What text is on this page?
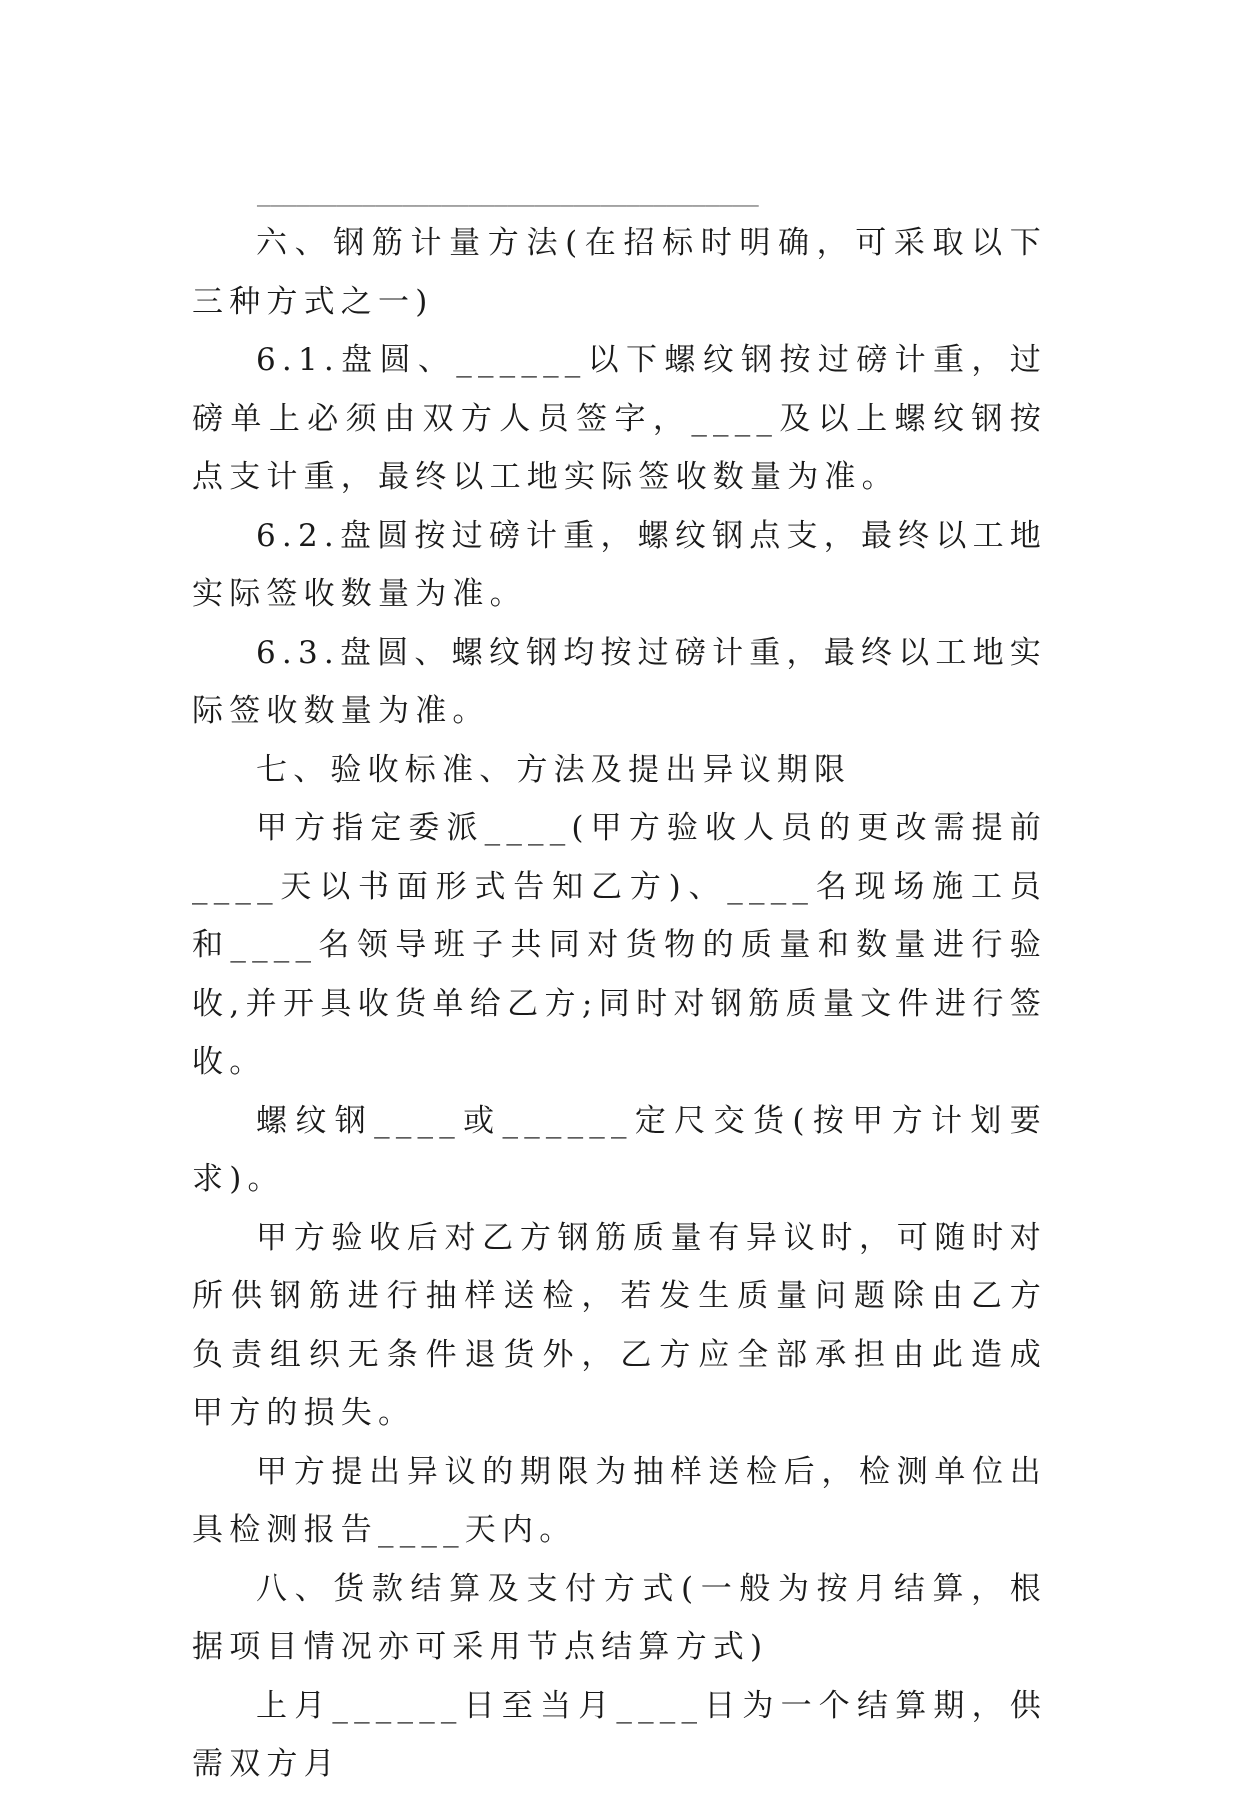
______________________________________

六、钢筋计量方法(在招标时明确，可采取以下三种方式之一)

6.1.盘圆、______以下螺纹钢按过磅计重，过磅单上必须由双方人员签字，____及以上螺纹钢按点支计重，最终以工地实际签收数量为准。

6.2.盘圆按过磅计重，螺纹钢点支，最终以工地实际签收数量为准。

6.3.盘圆、螺纹钢均按过磅计重，最终以工地实际签收数量为准。

七、验收标准、方法及提出异议期限

甲方指定委派____(甲方验收人员的更改需提前____天以书面形式告知乙方)、____名现场施工员和____名领导班子共同对货物的质量和数量进行验收,并开具收货单给乙方;同时对钢筋质量文件进行签收。

螺纹钢____或______定尺交货(按甲方计划要求)。

甲方验收后对乙方钢筋质量有异议时，可随时对所供钢筋进行抽样送检，若发生质量问题除由乙方负责组织无条件退货外，乙方应全部承担由此造成甲方的损失。

甲方提出异议的期限为抽样送检后，检测单位出具检测报告____天内。

八、货款结算及支付方式(一般为按月结算，根据项目情况亦可采用节点结算方式)

上月______日至当月____日为一个结算期，供需双方月
